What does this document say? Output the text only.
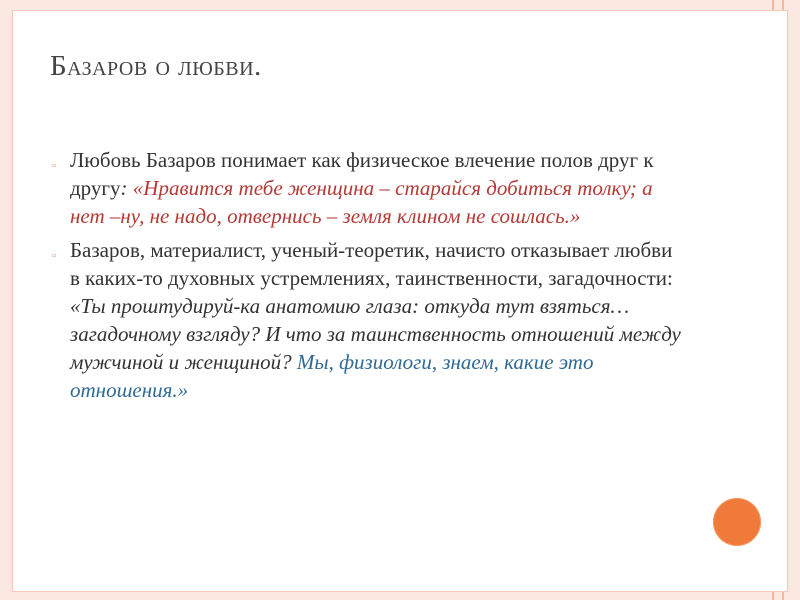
Базаров о любви.
▫ Любовь Базаров понимает как физическое влечение полов друг к другу: «Нравится тебе женщина – старайся добиться толку; а нет –ну, не надо, отвернись – земля клином не сошлась.»
▫ Базаров, материалист, ученый-теоретик, начисто отказывает любви в каких-то духовных устремлениях, таинственности, загадочности: «Ты проштудируй-ка анатомию глаза: откуда тут взяться… загадочному взгляду? И что за таинственность отношений между мужчиной и женщиной? Мы, физиологи, знаем, какие это отношения.»
